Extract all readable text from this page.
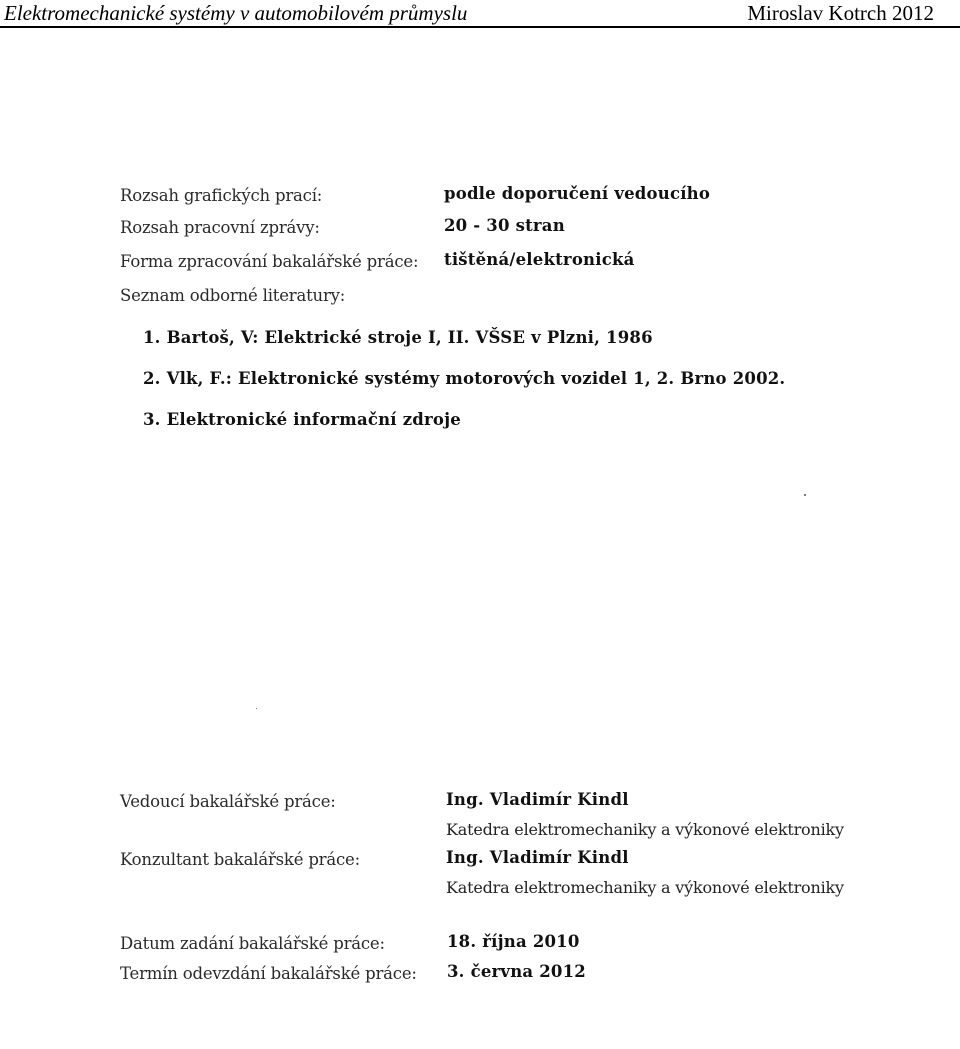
Elektromechanické systémy v automobilovém průmyslu	Miroslav Kotrch 2012
Rozsah grafických prací:	podle doporučení vedoucího
Rozsah pracovní zprávy:	20 - 30 stran
Forma zpracování bakalářské práce: tištěná/elektronická
Seznam odborné literatury:
1. Bartoš, V: Elektrické stroje I, II. VŠSE v Plzni, 1986
2. Vlk, F.: Elektronické systémy motorových vozidel 1, 2. Brno 2002.
3. Elektronické informační zdroje
Vedoucí bakalářské práce:	Ing. Vladimír Kindl
Katedra elektromechaniky a výkonové elektroniky
Konzultant bakalářské práce:	Ing. Vladimír Kindl
Katedra elektromechaniky a výkonové elektroniky
Datum zadání bakalářské práce:	18. října 2010
Termín odevzdání bakalářské práce: 3. června 2012
